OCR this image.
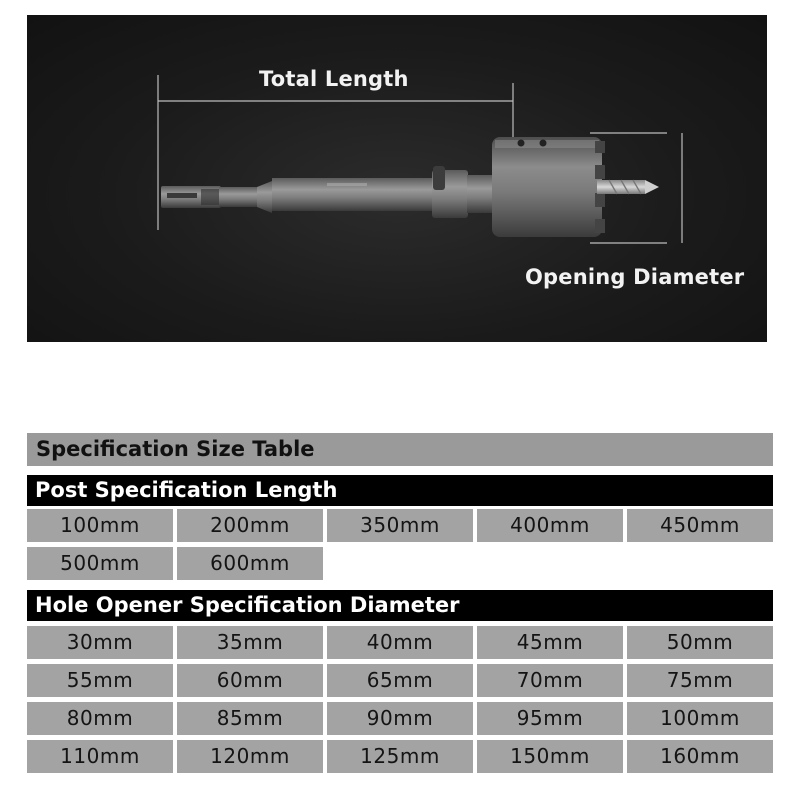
Total Length
Opening Diameter
Specification Size Table
Post Specification Length
100mm	200mm	350mm	400mm	450mm
500mm	600mm
Hole Opener Specification Diameter
30mm	35mm	40mm	45mm	50mm
55mm	60mm	65mm	70mm	75mm
80mm	85mm	90mm	95mm	100mm
110mm	120mm	125mm	150mm	160mm
